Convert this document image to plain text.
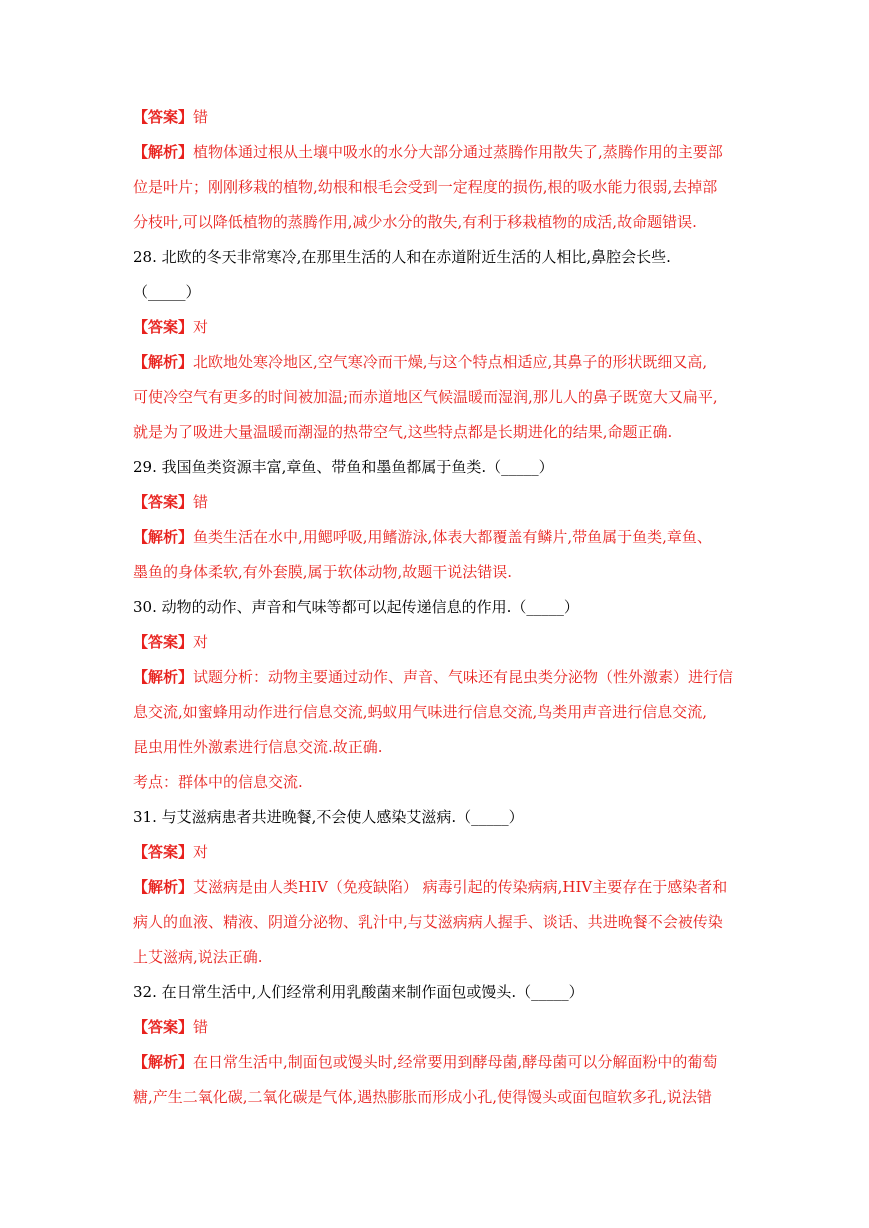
【答案】错
【解析】植物体通过根从土壤中吸水的水分大部分通过蒸腾作用散失了,蒸腾作用的主要部
位是叶片；刚刚移栽的植物,幼根和根毛会受到一定程度的损伤,根的吸水能力很弱,去掉部
分枝叶,可以降低植物的蒸腾作用,减少水分的散失,有利于移栽植物的成活,故命题错误.
28. 北欧的冬天非常寒冷,在那里生活的人和在赤道附近生活的人相比,鼻腔会长些.
（_____）
【答案】对
【解析】北欧地处寒冷地区,空气寒冷而干燥,与这个特点相适应,其鼻子的形状既细又高,
可使冷空气有更多的时间被加温;而赤道地区气候温暖而湿润,那儿人的鼻子既宽大又扁平,
就是为了吸进大量温暖而潮湿的热带空气,这些特点都是长期进化的结果,命题正确.
29. 我国鱼类资源丰富,章鱼、带鱼和墨鱼都属于鱼类.（_____）
【答案】错
【解析】鱼类生活在水中,用鳃呼吸,用鳍游泳,体表大都覆盖有鳞片,带鱼属于鱼类,章鱼、
墨鱼的身体柔软,有外套膜,属于软体动物,故题干说法错误.
30. 动物的动作、声音和气味等都可以起传递信息的作用.（_____）
【答案】对
【解析】试题分析：动物主要通过动作、声音、气味还有昆虫类分泌物（性外激素）进行信
息交流,如蜜蜂用动作进行信息交流,蚂蚁用气味进行信息交流,鸟类用声音进行信息交流,
昆虫用性外激素进行信息交流.故正确.
考点：群体中的信息交流.
31. 与艾滋病患者共进晚餐,不会使人感染艾滋病.（_____）
【答案】对
【解析】艾滋病是由人类HIV（免疫缺陷） 病毒引起的传染病病,HIV主要存在于感染者和
病人的血液、精液、阴道分泌物、乳汁中,与艾滋病病人握手、谈话、共进晚餐不会被传染
上艾滋病,说法正确.
32. 在日常生活中,人们经常利用乳酸菌来制作面包或馒头.（_____）
【答案】错
【解析】在日常生活中,制面包或馒头时,经常要用到酵母菌,酵母菌可以分解面粉中的葡萄
糖,产生二氧化碳,二氧化碳是气体,遇热膨胀而形成小孔,使得馒头或面包暄软多孔,说法错
